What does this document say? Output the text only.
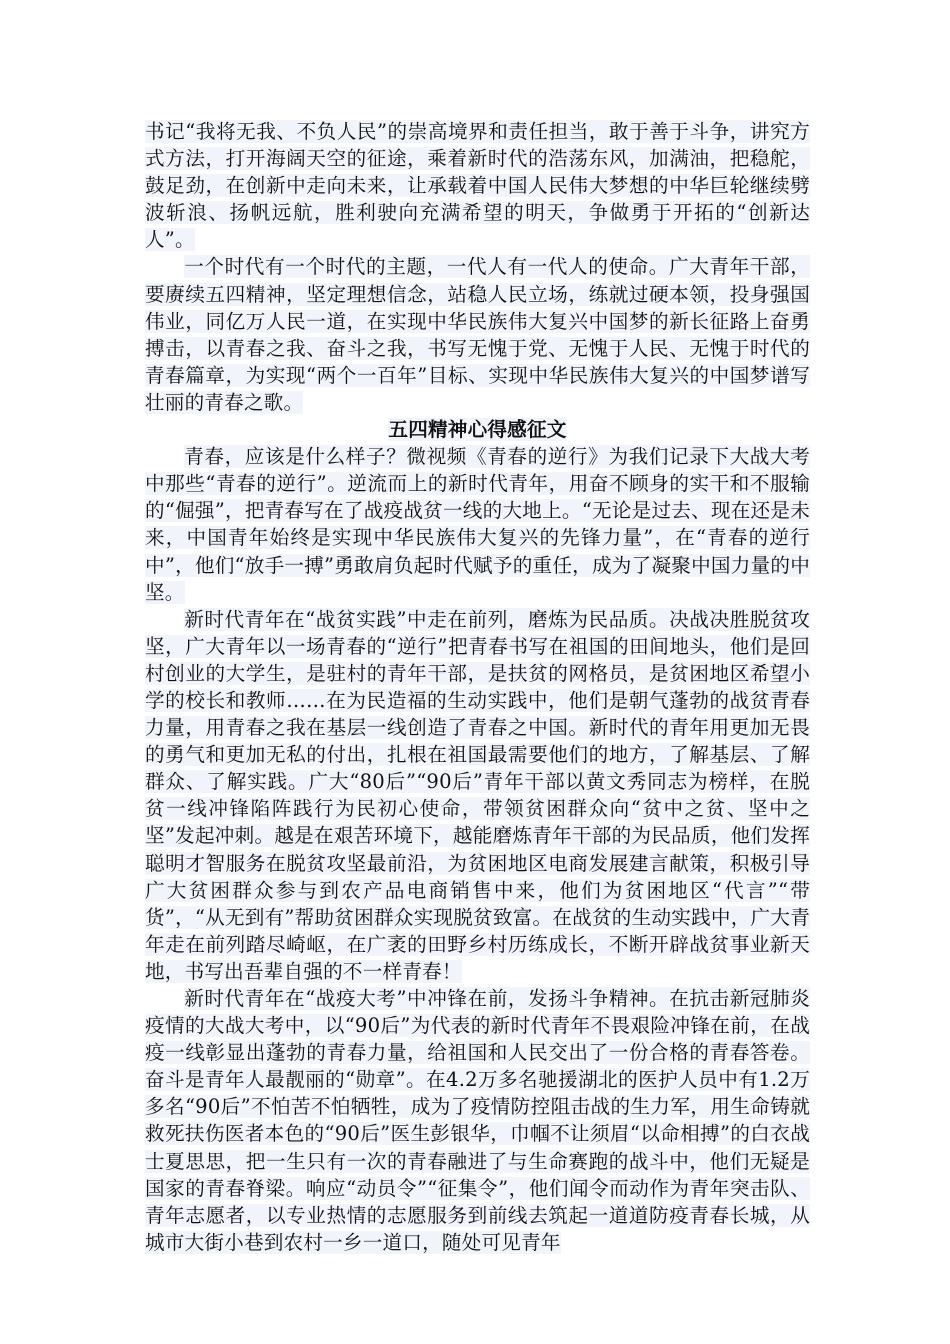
书记“我将无我、不负人民”的崇高境界和责任担当，敢于善于斗争，讲究方式方法，打开海阔天空的征途，乘着新时代的浩荡东风，加满油，把稳舵，鼓足劲，在创新中走向未来，让承载着中国人民伟大梦想的中华巨轮继续劈波斩浪、扬帆远航，胜利驶向充满希望的明天，争做勇于开拓的“创新达人”。

一个时代有一个时代的主题，一代人有一代人的使命。广大青年干部，要赓续五四精神，坚定理想信念，站稳人民立场，练就过硬本领，投身强国伟业，同亿万人民一道，在实现中华民族伟大复兴中国梦的新长征路上奋勇搏击，以青春之我、奋斗之我，书写无愧于党、无愧于人民、无愧于时代的青春篇章，为实现“两个一百年”目标、实现中华民族伟大复兴的中国梦谱写壮丽的青春之歌。

五四精神心得感征文

青春，应该是什么样子？微视频《青春的逆行》为我们记录下大战大考中那些“青春的逆行”。逆流而上的新时代青年，用奋不顾身的实干和不服输的“倔强”，把青春写在了战疫战贫一线的大地上。“无论是过去、现在还是未来，中国青年始终是实现中华民族伟大复兴的先锋力量”，在“青春的逆行中”，他们“放手一搏”勇敢肩负起时代赋予的重任，成为了凝聚中国力量的中坚。

新时代青年在“战贫实践”中走在前列，磨炼为民品质。决战决胜脱贫攻坚，广大青年以一场青春的“逆行”把青春书写在祖国的田间地头，他们是回村创业的大学生，是驻村的青年干部，是扶贫的网格员，是贫困地区希望小学的校长和教师……在为民造福的生动实践中，他们是朝气蓬勃的战贫青春力量，用青春之我在基层一线创造了青春之中国。新时代的青年用更加无畏的勇气和更加无私的付出，扎根在祖国最需要他们的地方，了解基层、了解群众、了解实践。广大“80后”“90后”青年干部以黄文秀同志为榜样，在脱贫一线冲锋陷阵践行为民初心使命，带领贫困群众向“贫中之贫、坚中之坚”发起冲刺。越是在艰苦环境下，越能磨炼青年干部的为民品质，他们发挥聪明才智服务在脱贫攻坚最前沿，为贫困地区电商发展建言献策，积极引导广大贫困群众参与到农产品电商销售中来，他们为贫困地区“代言”“带货”，“从无到有”帮助贫困群众实现脱贫致富。在战贫的生动实践中，广大青年走在前列踏尽崎岖，在广袤的田野乡村历练成长，不断开辟战贫事业新天地，书写出吾辈自强的不一样青春！

新时代青年在“战疫大考”中冲锋在前，发扬斗争精神。在抗击新冠肺炎疫情的大战大考中，以“90后”为代表的新时代青年不畏艰险冲锋在前，在战疫一线彰显出蓬勃的青春力量，给祖国和人民交出了一份合格的青春答卷。奋斗是青年人最靓丽的“勋章”。在4.2万多名驰援湖北的医护人员中有1.2万多名“90后”不怕苦不怕牺牲，成为了疫情防控阻击战的生力军，用生命铸就救死扶伤医者本色的“90后”医生彭银华，巾帼不让须眉“以命相搏”的白衣战士夏思思，把一生只有一次的青春融进了与生命赛跑的战斗中，他们无疑是国家的青春脊梁。响应“动员令”“征集令”，他们闻令而动作为青年突击队、青年志愿者，以专业热情的志愿服务到前线去筑起一道道防疫青春长城，从城市大街小巷到农村一乡一道口，随处可见青年
